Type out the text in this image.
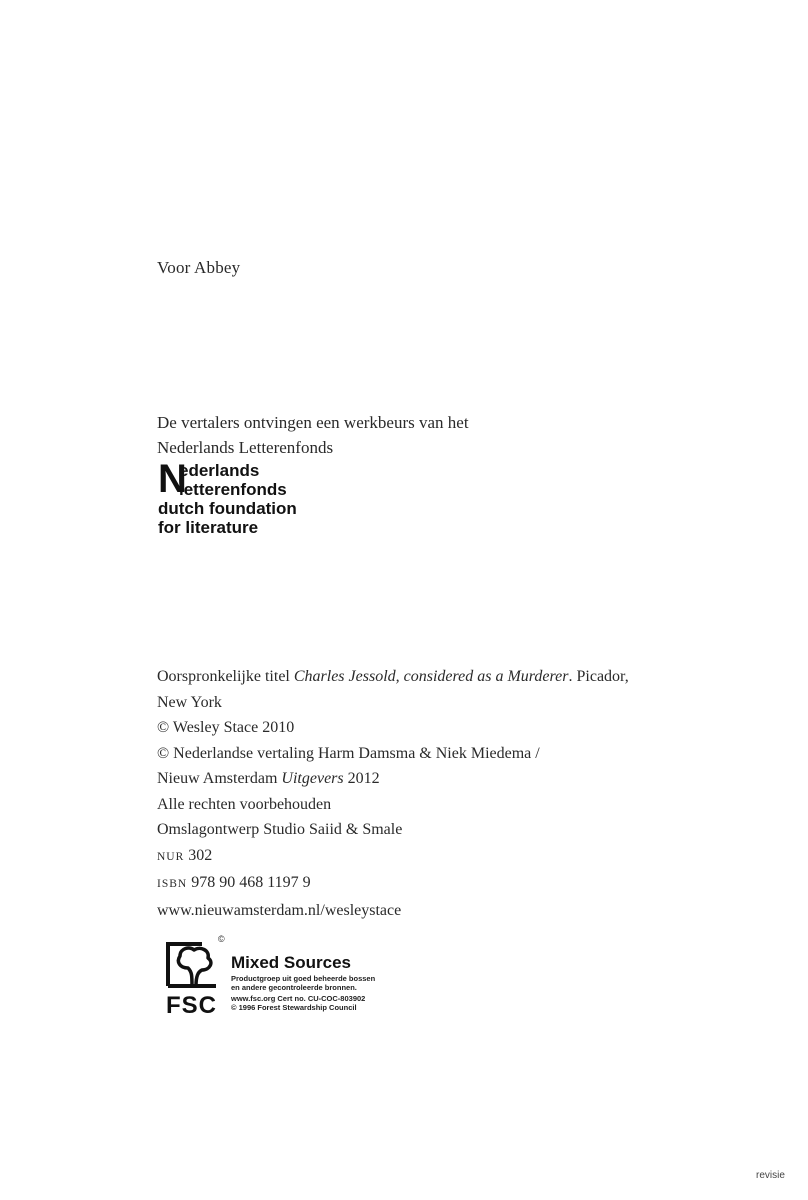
Voor Abbey
De vertalers ontvingen een werkbeurs van het
Nederlands Letterenfonds
N
ederlands
letterenfonds
dutch foundation
for literature
Oorspronkelijke titel Charles Jessold, considered as a Murderer. Picador,
New York
© Wesley Stace 2010
© Nederlandse vertaling Harm Damsma & Niek Miedema /
Nieuw Amsterdam Uitgevers 2012
Alle rechten voorbehouden
Omslagontwerp Studio Saiid & Smale
NUR 302
ISBN 978 90 468 1197 9
www.nieuwamsterdam.nl/wesleystace
©
FSC
Mixed Sources
Productgroep uit goed beheerde bossen
en andere gecontroleerde bronnen.
www.fsc.org Cert no. CU-COC-803902
© 1996 Forest Stewardship Council
revisie
